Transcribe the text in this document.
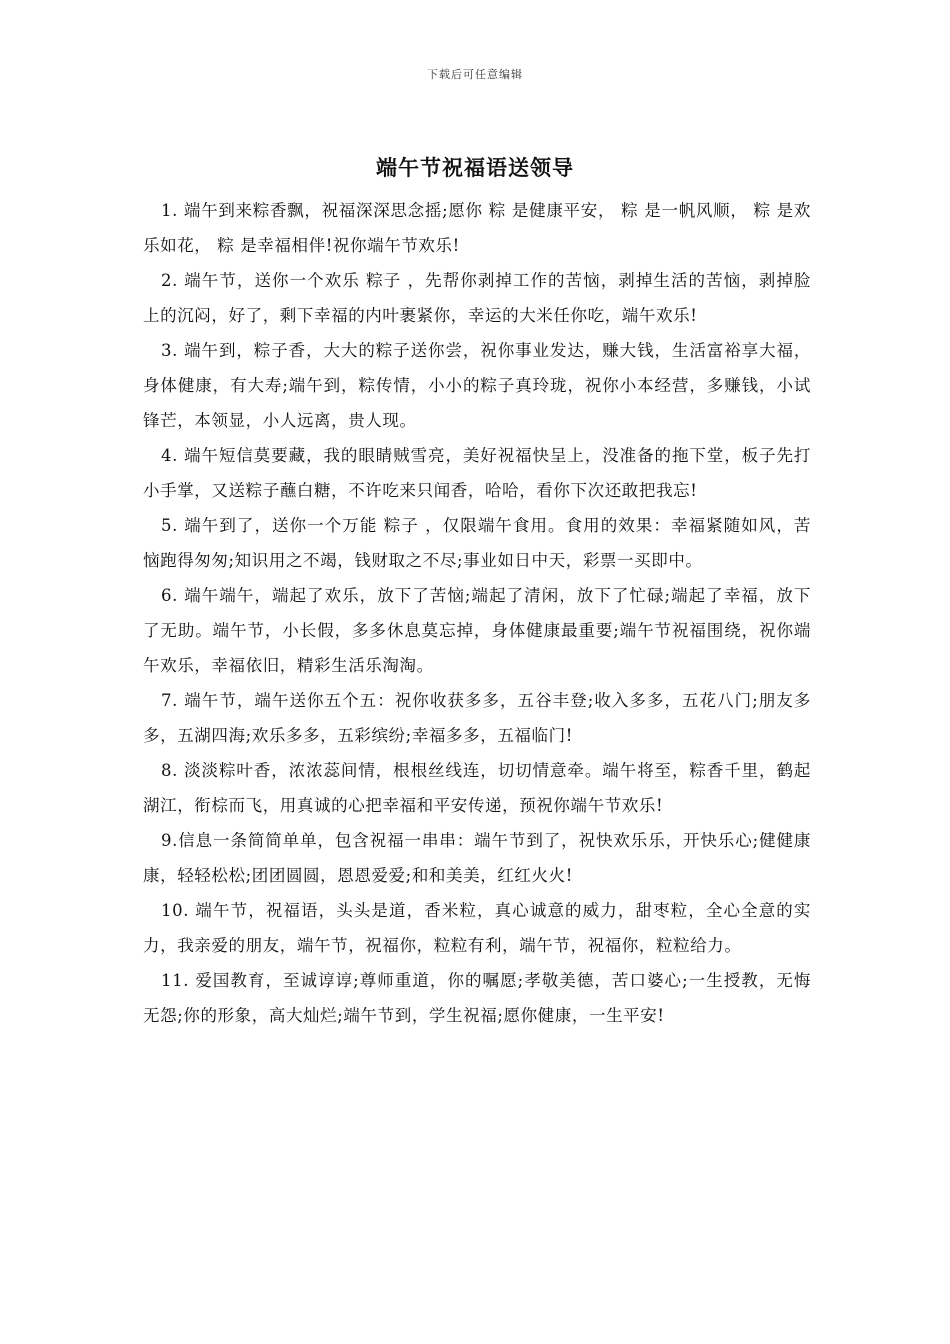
下载后可任意编辑
端午节祝福语送领导

1. 端午到来粽香飘，祝福深深思念摇;愿你 粽 是健康平安， 粽 是一帆风顺， 粽 是欢乐如花， 粽 是幸福相伴!祝你端午节欢乐!

2. 端午节，送你一个欢乐 粽子 ，先帮你剥掉工作的苦恼，剥掉生活的苦恼，剥掉脸上的沉闷，好了，剩下幸福的内叶裹紧你，幸运的大米任你吃，端午欢乐!

3. 端午到，粽子香，大大的粽子送你尝，祝你事业发达，赚大钱，生活富裕享大福，身体健康，有大寿;端午到，粽传情，小小的粽子真玲珑，祝你小本经营，多赚钱，小试锋芒，本领显，小人远离，贵人现。

4. 端午短信莫要藏，我的眼睛贼雪亮，美好祝福快呈上，没准备的拖下堂，板子先打小手掌，又送粽子蘸白糖，不许吃来只闻香，哈哈，看你下次还敢把我忘!

5. 端午到了，送你一个万能 粽子 ，仅限端午食用。食用的效果：幸福紧随如风，苦恼跑得匆匆;知识用之不竭，钱财取之不尽;事业如日中天，彩票一买即中。

6. 端午端午，端起了欢乐，放下了苦恼;端起了清闲，放下了忙碌;端起了幸福，放下了无助。端午节，小长假，多多休息莫忘掉，身体健康最重要;端午节祝福围绕，祝你端午欢乐，幸福依旧，精彩生活乐淘淘。

7. 端午节，端午送你五个五：祝你收获多多，五谷丰登;收入多多，五花八门;朋友多多，五湖四海;欢乐多多，五彩缤纷;幸福多多，五福临门!

8. 淡淡粽叶香，浓浓蕊间情，根根丝线连，切切情意牵。端午将至，粽香千里，鹤起湖江，衔棕而飞，用真诚的心把幸福和平安传递，预祝你端午节欢乐!

9.信息一条简简单单，包含祝福一串串：端午节到了，祝快欢乐乐，开快乐心;健健康康，轻轻松松;团团圆圆，恩恩爱爱;和和美美，红红火火!

10. 端午节，祝福语，头头是道，香米粒，真心诚意的威力，甜枣粒，全心全意的实力，我亲爱的朋友，端午节，祝福你，粒粒有利，端午节，祝福你，粒粒给力。

11. 爱国教育，至诚谆谆;尊师重道，你的嘱愿;孝敬美德，苦口婆心;一生授教，无悔无怨;你的形象，高大灿烂;端午节到，学生祝福;愿你健康，一生平安!
